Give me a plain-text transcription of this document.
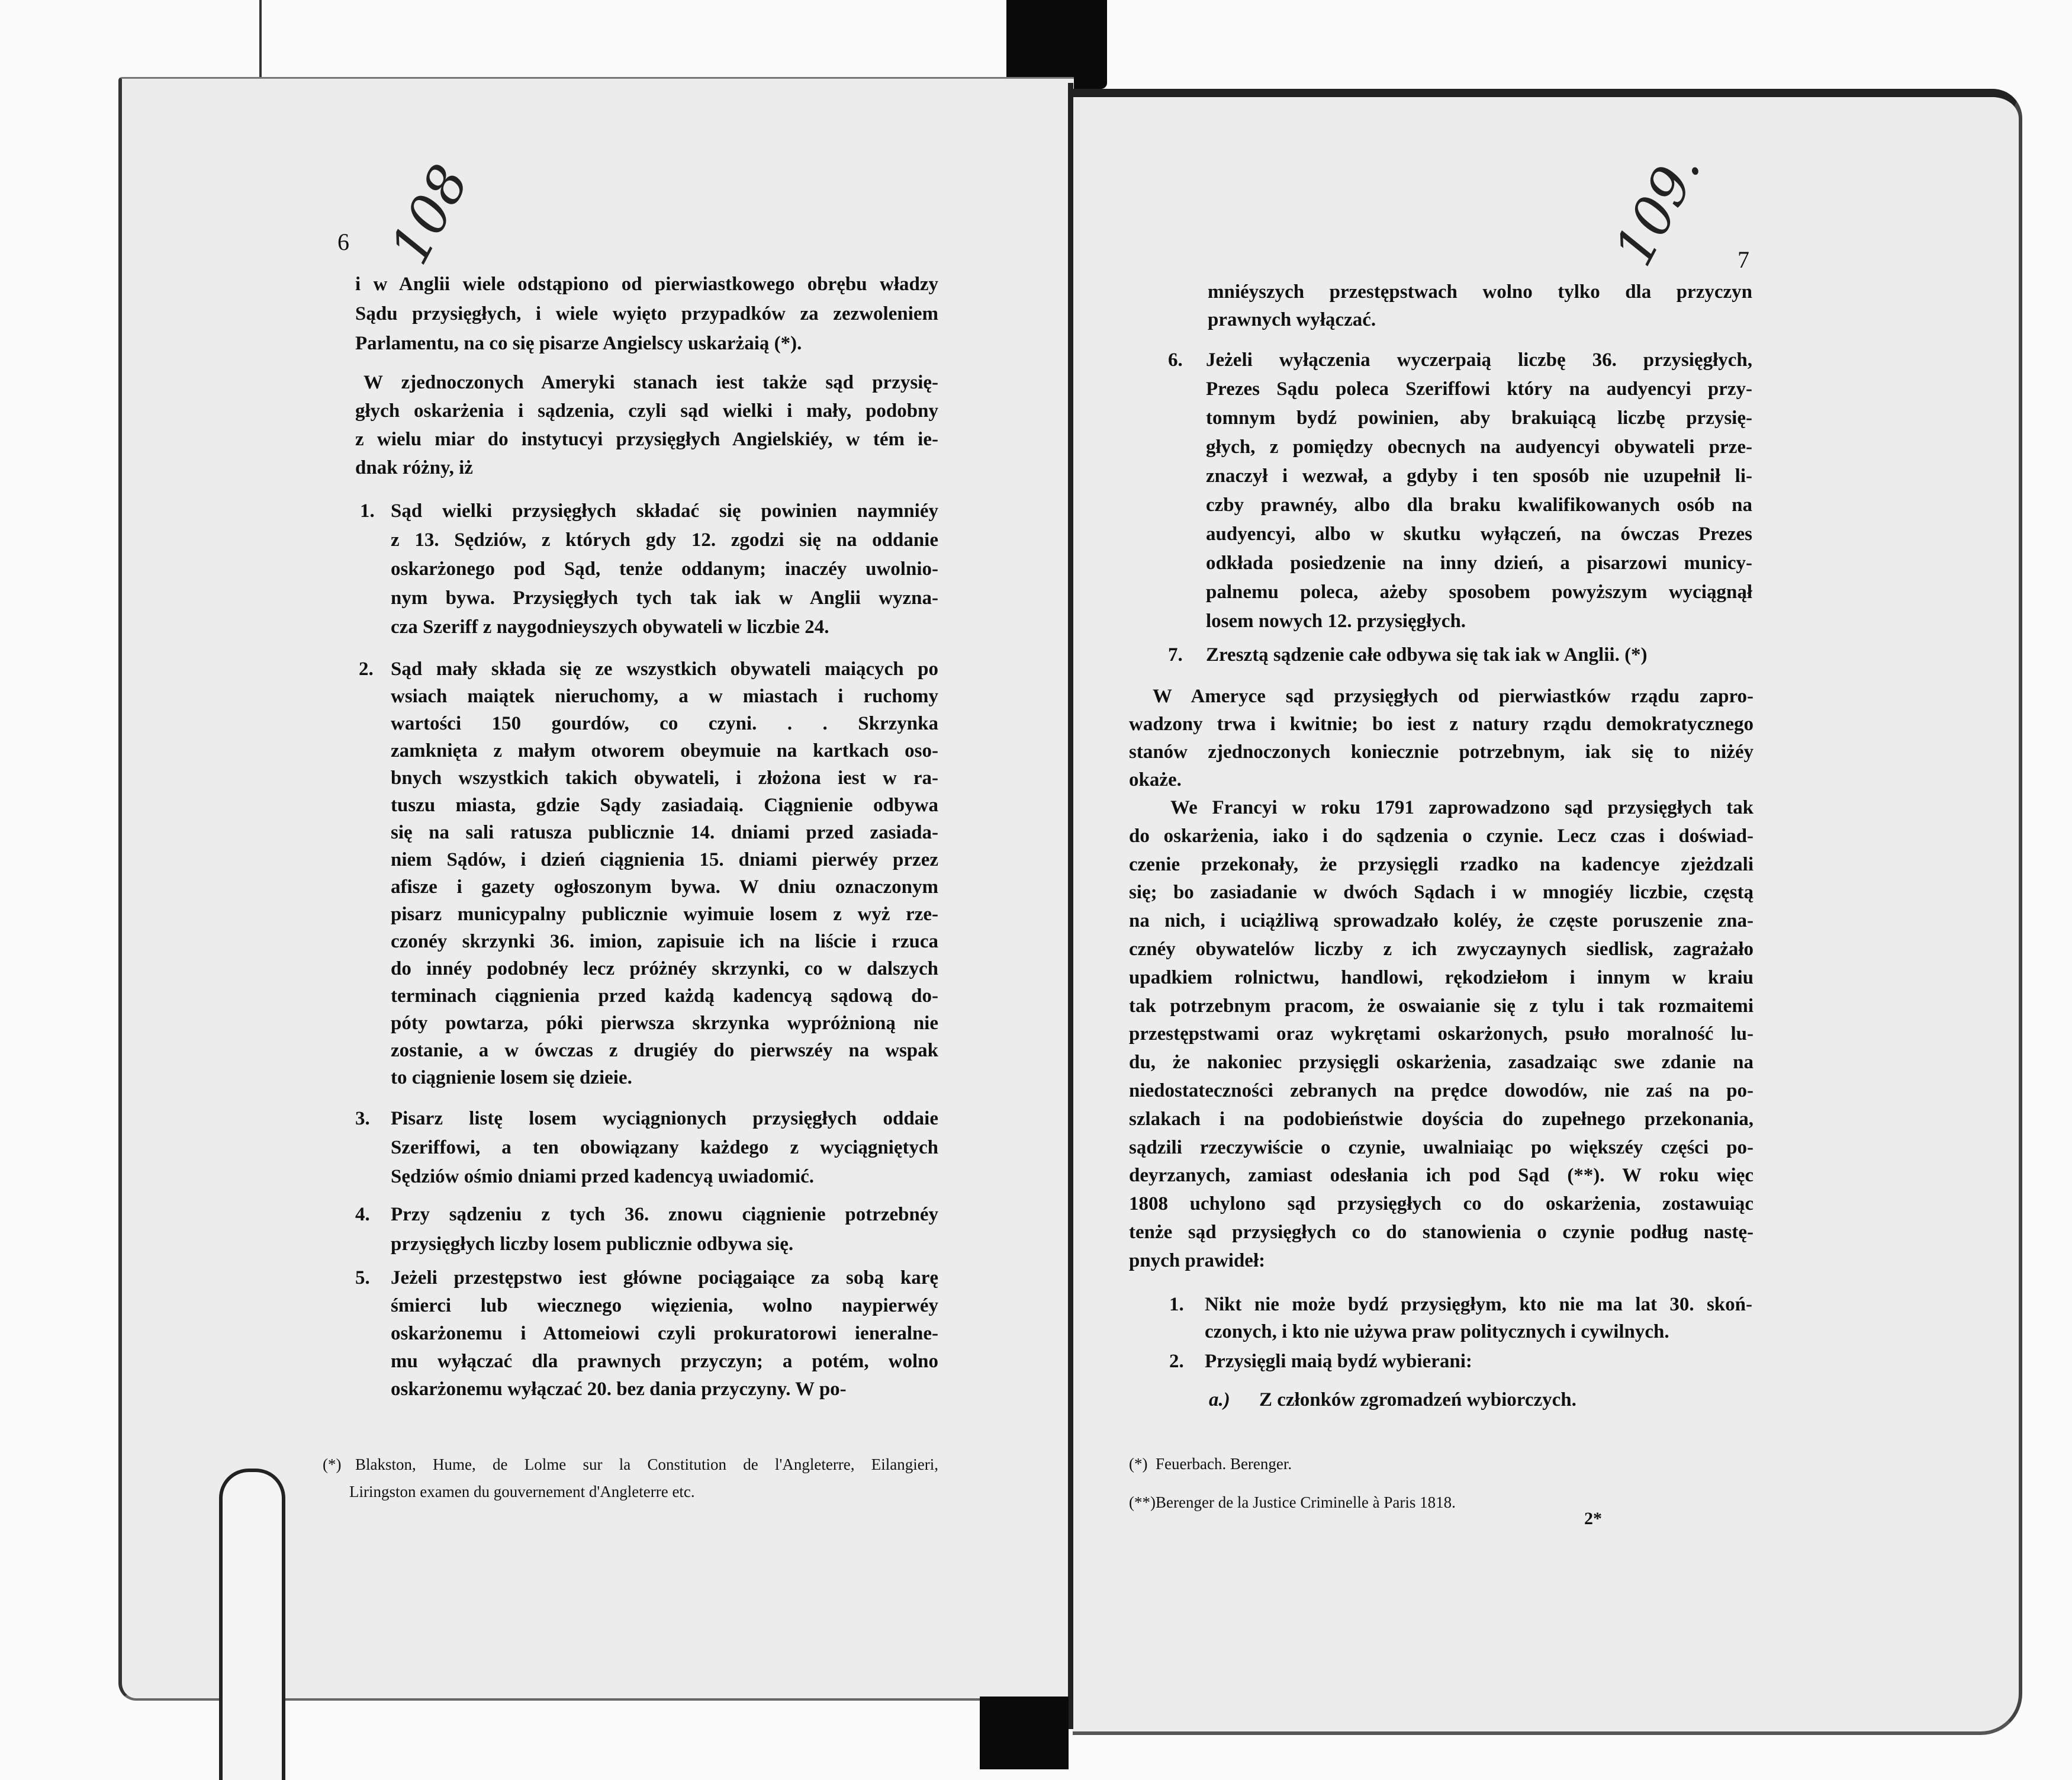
6 108
i w Anglii wiele odstąpiono od pierwiastkowego obrębu władzy
Sądu przysięgłych, i wiele wyięto przypadków za zezwoleniem
Parlamentu, na co się pisarze Angielscy uskarżaią (*).
W zjednoczonych Ameryki stanach iest także sąd przysię-
głych oskarżenia i sądzenia, czyli sąd wielki i mały, podobny
z wielu miar do instytucyi przysięgłych Angielskiéy, w tém ie-
dnak różny, iż
1. Sąd wielki przysięgłych składać się powinien naymniéy
z 13. Sędziów, z których gdy 12. zgodzi się na oddanie
oskarżonego pod Sąd, tenże oddanym; inaczéy uwolnio-
nym bywa. Przysięgłych tych tak iak w Anglii wyzna-
cza Szeriff z naygodnieyszych obywateli w liczbie 24.
2. Sąd mały składa się ze wszystkich obywateli maiących po
wsiach maiątek nieruchomy, a w miastach i ruchomy
wartości 150 gourdów, co czyni. . . Skrzynka
zamknięta z małym otworem obeymuie na kartkach oso-
bnych wszystkich takich obywateli, i złożona iest w ra-
tuszu miasta, gdzie Sądy zasiadaią. Ciągnienie odbywa
się na sali ratusza publicznie 14. dniami przed zasiada-
niem Sądów, i dzień ciągnienia 15. dniami pierwéy przez
afisze i gazety ogłoszonym bywa. W dniu oznaczonym
pisarz municypalny publicznie wyimuie losem z wyż rze-
czonéy skrzynki 36. imion, zapisuie ich na liście i rzuca
do innéy podobnéy lecz próżnéy skrzynki, co w dalszych
terminach ciągnienia przed każdą kadencyą sądową do-
póty powtarza, póki pierwsza skrzynka wypróżnioną nie
zostanie, a w ówczas z drugiéy do pierwszéy na wspak
to ciągnienie losem się dzieie.
3. Pisarz listę losem wyciągnionych przysięgłych oddaie
Szeriffowi, a ten obowiązany każdego z wyciągniętych
Sędziów ośmio dniami przed kadencyą uwiadomić.
4. Przy sądzeniu z tych 36. znowu ciągnienie potrzebnéy
przysięgłych liczby losem publicznie odbywa się.
5. Jeżeli przestępstwo iest główne pociągaiące za sobą karę
śmierci lub wiecznego więzienia, wolno naypierwéy
oskarżonemu i Attomeiowi czyli prokuratorowi ieneralne-
mu wyłączać dla prawnych przyczyn; a potém, wolno
oskarżonemu wyłączać 20. bez dania przyczyny. W po-
(*) Blakston, Hume, de Lolme sur la Constitution de l'Angleterre, Eilangieri,
Liringston examen du gouvernement d'Angleterre etc.
7
109.
mniéyszych przestępstwach wolno tylko dla przyczyn
prawnych wyłączać.
6. Jeżeli wyłączenia wyczerpaią liczbę 36. przysięgłych,
Prezes Sądu poleca Szeriffowi który na audyencyi przy-
tomnym bydź powinien, aby brakuiącą liczbę przysię-
głych, z pomiędzy obecnych na audyencyi obywateli prze-
znaczył i wezwał, a gdyby i ten sposób nie uzupełnił li-
czby prawnéy, albo dla braku kwalifikowanych osób na
audyencyi, albo w skutku wyłączeń, na ówczas Prezes
odkłada posiedzenie na inny dzień, a pisarzowi municy-
palnemu poleca, ażeby sposobem powyższym wyciągnął
losem nowych 12. przysięgłych.
7. Zresztą sądzenie całe odbywa się tak iak w Anglii. (*)
W Ameryce sąd przysięgłych od pierwiastków rządu zapro-
wadzony trwa i kwitnie; bo iest z natury rządu demokratycznego
stanów zjednoczonych koniecznie potrzebnym, iak się to niżéy
okaże.
We Francyi w roku 1791 zaprowadzono sąd przysięgłych tak
do oskarżenia, iako i do sądzenia o czynie. Lecz czas i doświad-
czenie przekonały, że przysięgli rzadko na kadencye zjeżdzali
się; bo zasiadanie w dwóch Sądach i w mnogiéy liczbie, częstą
na nich, i uciążliwą sprowadzało koléy, że częste poruszenie zna-
cznéy obywatelów liczby z ich zwyczaynych siedlisk, zagrażało
upadkiem rolnictwu, handlowi, rękodziełom i innym w kraiu
tak potrzebnym pracom, że oswaianie się z tylu i tak rozmaitemi
przestępstwami oraz wykrętami oskarżonych, psuło moralność lu-
du, że nakoniec przysięgli oskarżenia, zasadzaiąc swe zdanie na
niedostateczności zebranych na prędce dowodów, nie zaś na po-
szlakach i na podobieństwie doyścia do zupełnego przekonania,
sądzili rzeczywiście o czynie, uwalniaiąc po większéy części po-
deyrzanych, zamiast odesłania ich pod Sąd (**). W roku więc
1808 uchylono sąd przysięgłych co do oskarżenia, zostawuiąc
tenże sąd przysięgłych co do stanowienia o czynie podług nastę-
pnych prawideł:
1. Nikt nie może bydź przysięgłym, kto nie ma lat 30. skoń-
czonych, i kto nie używa praw politycznych i cywilnych.
2. Przysięgli maią bydź wybierani:
a.) Z członków zgromadzeń wybiorczych.
(*) Feuerbach. Berenger.
(**) Berenger de la Justice Criminelle à Paris 1818.
2*
